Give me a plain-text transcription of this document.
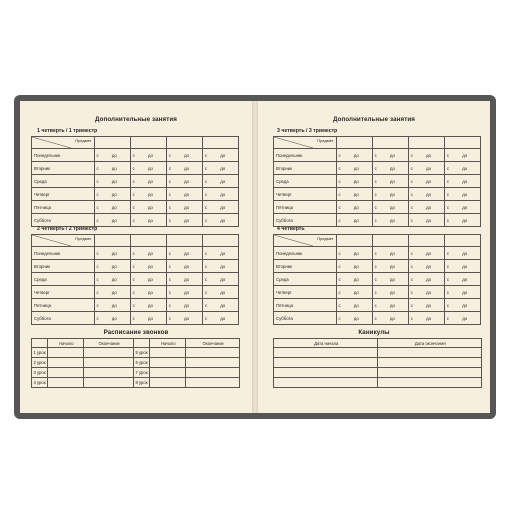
Дополнительные занятия
1 четверть / 1 триместр
Предмет								

Понедельник	с	до	с	до	с	до	с	до
Вторник	с	до	с	до	с	до	с	до
Среда	с	до	с	до	с	до	с	до
Четверг	с	до	с	до	с	до	с	до
Пятница	с	до	с	до	с	до	с	до
Суббота	с	до	с	до	с	до	с	до
2 четверть / 2 триместр
Предмет								

Понедельник	с	до	с	до	с	до	с	до
Вторник	с	до	с	до	с	до	с	до
Среда	с	до	с	до	с	до	с	до
Четверг	с	до	с	до	с	до	с	до
Пятница	с	до	с	до	с	до	с	до
Суббота	с	до	с	до	с	до	с	до
Расписание звонков
	Начало	Окончание		Начало	Окончание
1 урок			5 урок		
2 урок			6 урок		
3 урок			7 урок		
4 урок			8 урок		
Дополнительные занятия
3 четверть / 3 триместр
Предмет								

Понедельник	с	до	с	до	с	до	с	до
Вторник	с	до	с	до	с	до	с	до
Среда	с	до	с	до	с	до	с	до
Четверг	с	до	с	до	с	до	с	до
Пятница	с	до	с	до	с	до	с	до
Суббота	с	до	с	до	с	до	с	до
4 четверть
Предмет								

Понедельник	с	до	с	до	с	до	с	до
Вторник	с	до	с	до	с	до	с	до
Среда	с	до	с	до	с	до	с	до
Четверг	с	до	с	до	с	до	с	до
Пятница	с	до	с	до	с	до	с	до
Суббота	с	до	с	до	с	до	с	до
Каникулы
Дата начала	Дата окончания
